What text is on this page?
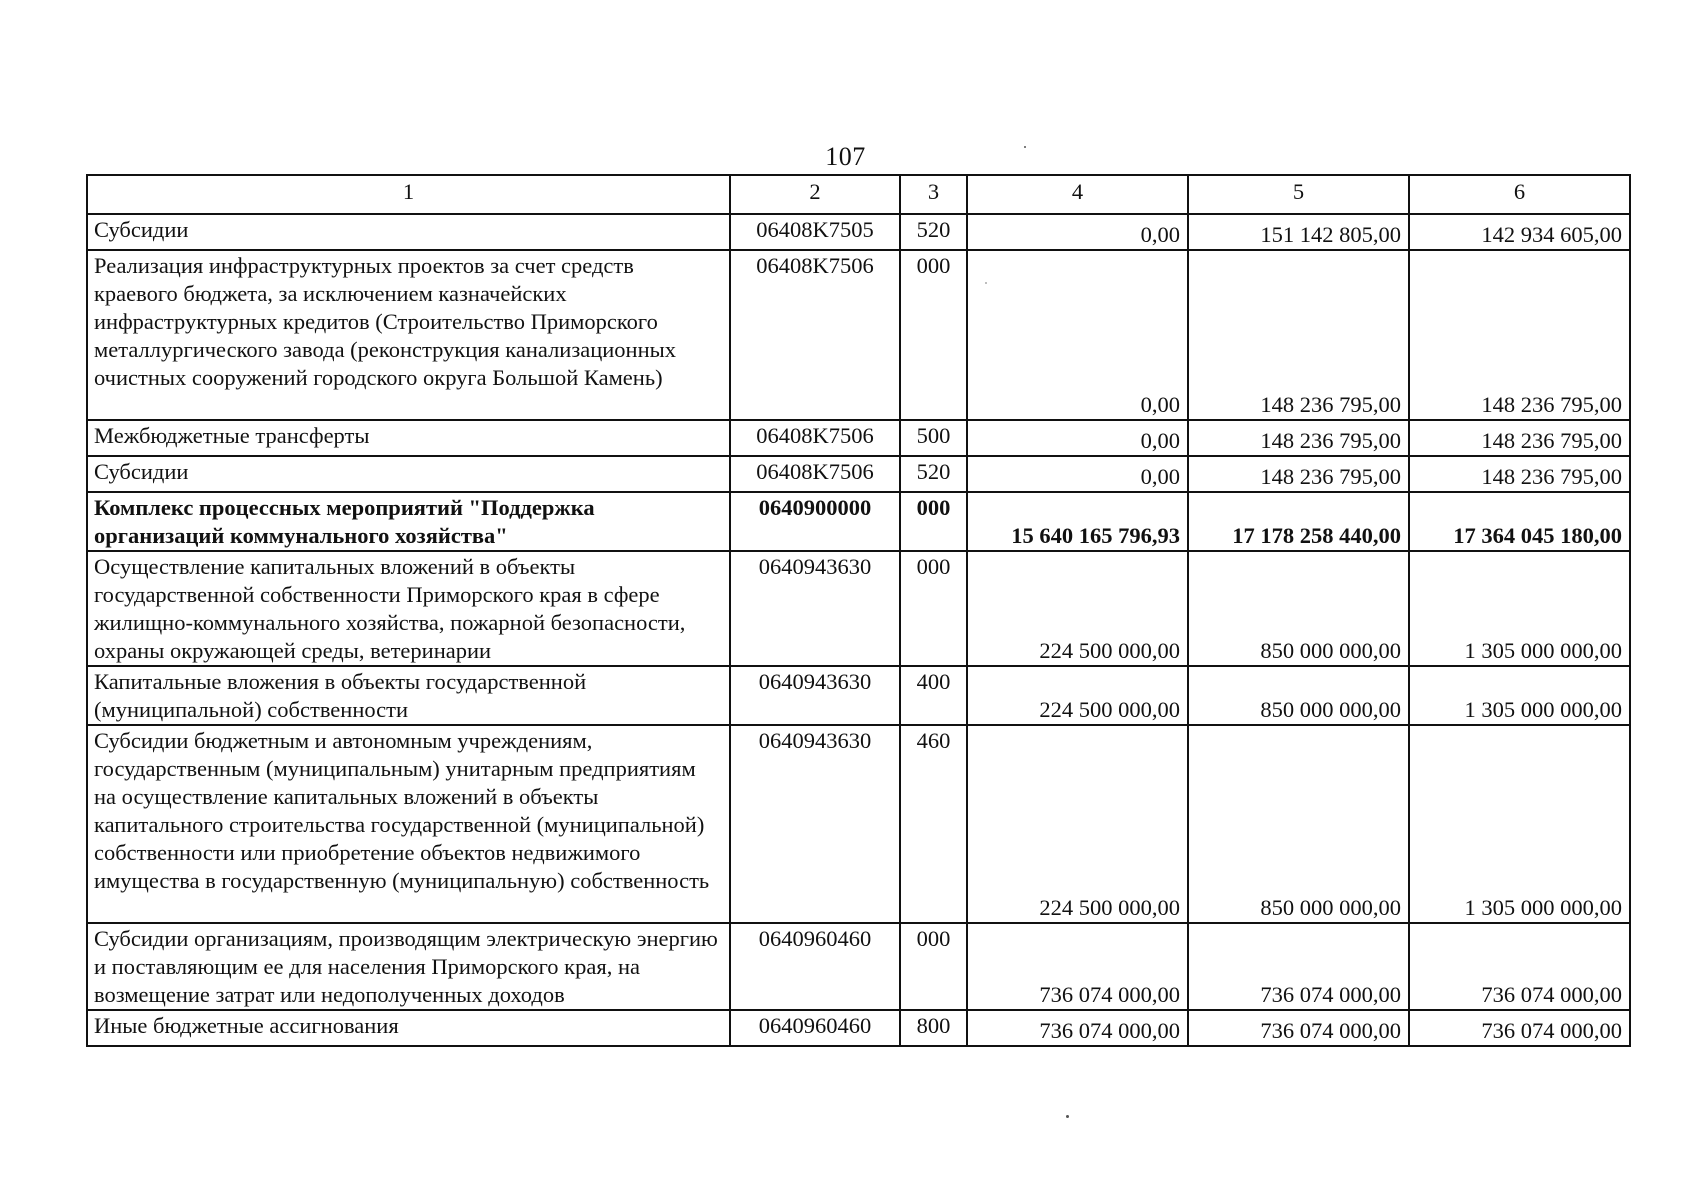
107
1	2	3	4	5	6
Субсидии	06408K7505	520	0,00	151 142 805,00	142 934 605,00
Реализация инфраструктурных проектов за счет средств краевого бюджета, за исключением казначейских инфраструктурных кредитов (Строительство Приморского металлургического завода (реконструкция канализационных очистных сооружений городского округа Большой Камень)	06408K7506	000	0,00	148 236 795,00	148 236 795,00
Межбюджетные трансферты	06408K7506	500	0,00	148 236 795,00	148 236 795,00
Субсидии	06408K7506	520	0,00	148 236 795,00	148 236 795,00
Комплекс процессных мероприятий "Поддержка организаций коммунального хозяйства"	0640900000	000	15 640 165 796,93	17 178 258 440,00	17 364 045 180,00
Осуществление капитальных вложений в объекты государственной собственности Приморского края в сфере жилищно-коммунального хозяйства, пожарной безопасности, охраны окружающей среды, ветеринарии	0640943630	000	224 500 000,00	850 000 000,00	1 305 000 000,00
Капитальные вложения в объекты государственной (муниципальной) собственности	0640943630	400	224 500 000,00	850 000 000,00	1 305 000 000,00
Субсидии бюджетным и автономным учреждениям, государственным (муниципальным) унитарным предприятиям на осуществление капитальных вложений в объекты капитального строительства государственной (муниципальной) собственности или приобретение объектов недвижимого имущества в государственную (муниципальную) собственность	0640943630	460	224 500 000,00	850 000 000,00	1 305 000 000,00
Субсидии организациям, производящим электрическую энергию и поставляющим ее для населения Приморского края, на возмещение затрат или недополученных доходов	0640960460	000	736 074 000,00	736 074 000,00	736 074 000,00
Иные бюджетные ассигнования	0640960460	800	736 074 000,00	736 074 000,00	736 074 000,00
